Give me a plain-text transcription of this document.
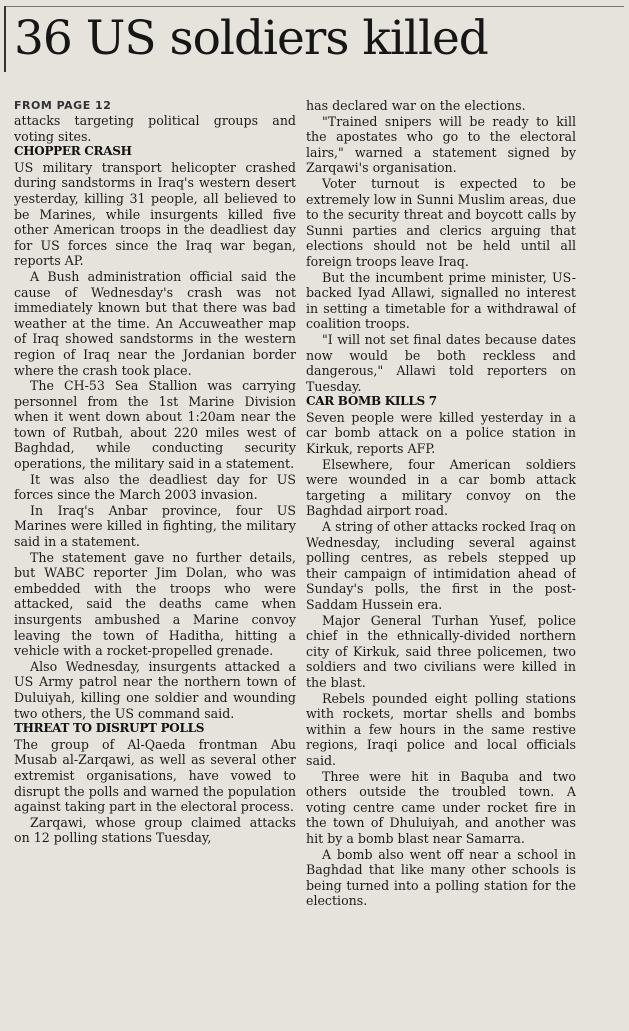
36 US soldiers killed
FROM PAGE 12

attacks targeting political groups and voting sites.

CHOPPER CRASH

US military transport helicopter crashed during sandstorms in Iraq's western desert yesterday, killing 31 people, all believed to be Marines, while insurgents killed five other American troops in the deadliest day for US forces since the Iraq war began, reports AP.

A Bush administration official said the cause of Wednesday's crash was not immediately known but that there was bad weather at the time. An Accuweather map of Iraq showed sandstorms in the western region of Iraq near the Jordanian border where the crash took place.

The CH-53 Sea Stallion was carrying personnel from the 1st Marine Division when it went down about 1:20am near the town of Rutbah, about 220 miles west of Baghdad, while conducting security operations, the military said in a statement.

It was also the deadliest day for US forces since the March 2003 invasion.

In Iraq's Anbar province, four US Marines were killed in fighting, the military said in a statement.

The statement gave no further details, but WABC reporter Jim Dolan, who was embedded with the troops who were attacked, said the deaths came when insurgents ambushed a Marine convoy leaving the town of Haditha, hitting a vehicle with a rocket-propelled grenade.

Also Wednesday, insurgents attacked a US Army patrol near the northern town of Duluiyah, killing one soldier and wounding two others, the US command said.

THREAT TO DISRUPT POLLS

The group of Al-Qaeda frontman Abu Musab al-Zarqawi, as well as several other extremist organisations, have vowed to disrupt the polls and warned the population against taking part in the electoral process.

Zarqawi, whose group claimed attacks on 12 polling stations Tuesday,

has declared war on the elections.

"Trained snipers will be ready to kill the apostates who go to the electoral lairs," warned a statement signed by Zarqawi's organisation.

Voter turnout is expected to be extremely low in Sunni Muslim areas, due to the security threat and boycott calls by Sunni parties and clerics arguing that elections should not be held until all foreign troops leave Iraq.

But the incumbent prime minister, US-backed Iyad Allawi, signalled no interest in setting a timetable for a withdrawal of coalition troops.

"I will not set final dates because dates now would be both reckless and dangerous," Allawi told reporters on Tuesday.

CAR BOMB KILLS 7

Seven people were killed yesterday in a car bomb attack on a police station in Kirkuk, reports AFP.

Elsewhere, four American soldiers were wounded in a car bomb attack targeting a military convoy on the Baghdad airport road.

A string of other attacks rocked Iraq on Wednesday, including several against polling centres, as rebels stepped up their campaign of intimidation ahead of Sunday's polls, the first in the post-Saddam Hussein era.

Major General Turhan Yusef, police chief in the ethnically-divided northern city of Kirkuk, said three policemen, two soldiers and two civilians were killed in the blast.

Rebels pounded eight polling stations with rockets, mortar shells and bombs within a few hours in the same restive regions, Iraqi police and local officials said.

Three were hit in Baquba and two others outside the troubled town. A voting centre came under rocket fire in the town of Dhuluiyah, and another was hit by a bomb blast near Samarra.

A bomb also went off near a school in Baghdad that like many other schools is being turned into a polling station for the elections.
